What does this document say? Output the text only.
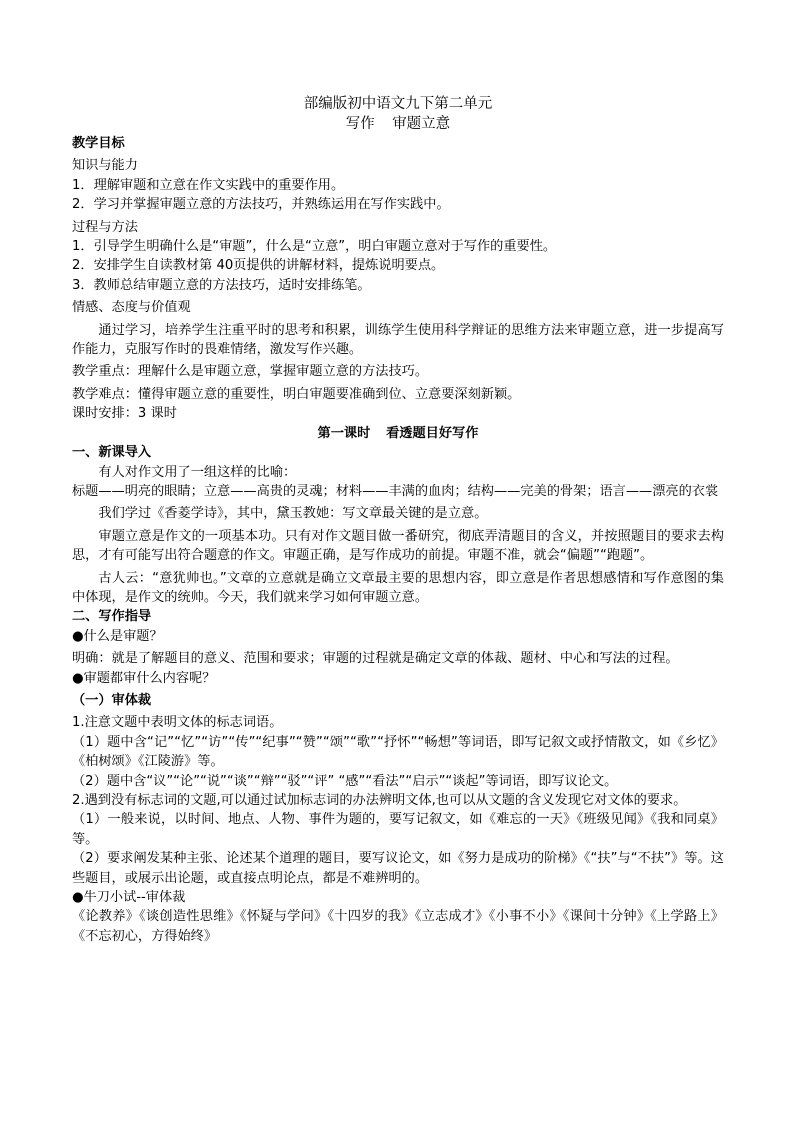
部编版初中语文九下第二单元
写作 审题立意
教学目标
知识与能力
1．理解审题和立意在作文实践中的重要作用。
2．学习并掌握审题立意的方法技巧，并熟练运用在写作实践中。
过程与方法
1．引导学生明确什么是“审题”，什么是“立意”，明白审题立意对于写作的重要性。
2．安排学生自读教材第 40页提供的讲解材料，提炼说明要点。
3．教师总结审题立意的方法技巧，适时安排练笔。
情感、态度与价值观
通过学习，培养学生注重平时的思考和积累，训练学生使用科学辩证的思维方法来审题立意，进一步提高写作能力，克服写作时的畏难情绪，激发写作兴趣。
教学重点：理解什么是审题立意，掌握审题立意的方法技巧。
教学难点：懂得审题立意的重要性，明白审题要准确到位、立意要深刻新颖。
课时安排：3 课时
第一课时 看透题目好写作
一、新课导入
有人对作文用了一组这样的比喻：
标题——明亮的眼睛；立意——高贵的灵魂；材料——丰满的血肉；结构——完美的骨架；语言——漂亮的衣裳
我们学过《香菱学诗》，其中，黛玉教她：写文章最关键的是立意。
审题立意是作文的一项基本功。只有对作文题目做一番研究，彻底弄清题目的含义，并按照题目的要求去构思，才有可能写出符合题意的作文。审题正确，是写作成功的前提。审题不准，就会“偏题”“跑题”。
古人云：“意犹帅也。”文章的立意就是确立文章最主要的思想内容，即立意是作者思想感情和写作意图的集中体现，是作文的统帅。今天，我们就来学习如何审题立意。
二、写作指导
●什么是审题？
明确：就是了解题目的意义、范围和要求；审题的过程就是确定文章的体裁、题材、中心和写法的过程。
●审题都审什么内容呢？
（一）审体裁
1.注意文题中表明文体的标志词语。
（1）题中含“记”“忆”“访”“传”“纪事”“赞”“颂”“歌”“抒怀”“畅想”等词语，即写记叙文或抒情散文，如《乡忆》《柏树颂》《江陵游》等。
（2）题中含“议”“论”“说”“谈”“辩”“驳”“评” “感”“看法”“启示”“谈起”等词语，即写议论文。
2.遇到没有标志词的文题,可以通过试加标志词的办法辨明文体,也可以从文题的含义发现它对文体的要求。
（1）一般来说，以时间、地点、人物、事件为题的，要写记叙文，如《难忘的一天》《班级见闻》《我和同桌》等。
（2）要求阐发某种主张、论述某个道理的题目，要写议论文，如《努力是成功的阶梯》《“扶”与“不扶”》等。这些题目，或展示出论题，或直接点明论点，都是不难辨明的。
●牛刀小试--审体裁
《论教养》《谈创造性思维》《怀疑与学问》《十四岁的我》《立志成才》《小事不小》《课间十分钟》《上学路上》《不忘初心，方得始终》
